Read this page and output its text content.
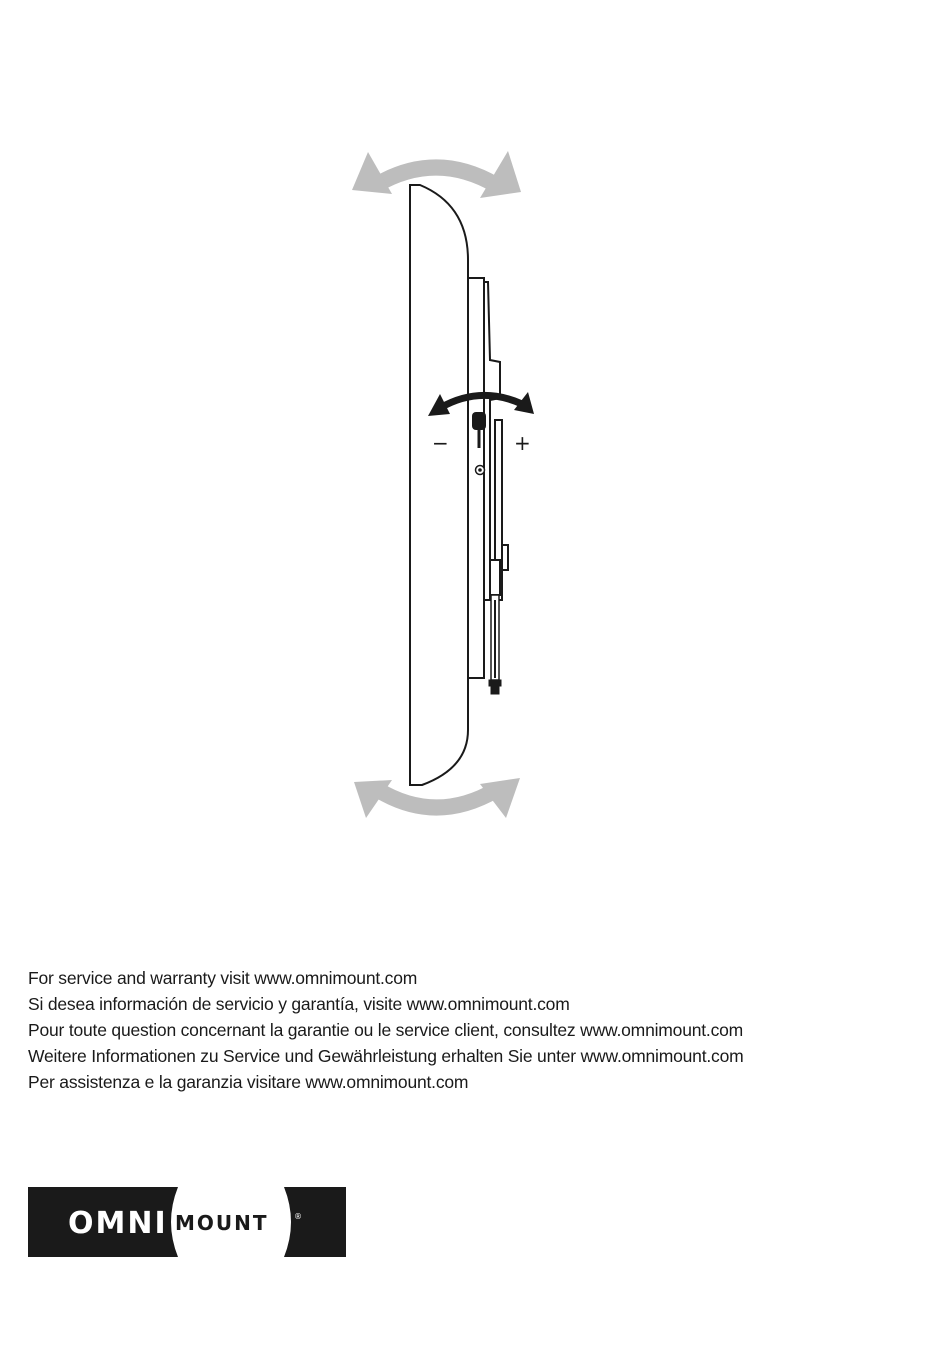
−	+
For service and warranty visit www.omnimount.com
Si desea información de servicio y garantía, visite www.omnimount.com
Pour toute question concernant la garantie ou le service client, consultez www.omnimount.com
Weitere Informationen zu Service und Gewährleistung erhalten Sie unter www.omnimount.com
Per assistenza e la garanzia visitare www.omnimount.com
OMNI MOUNT	®
